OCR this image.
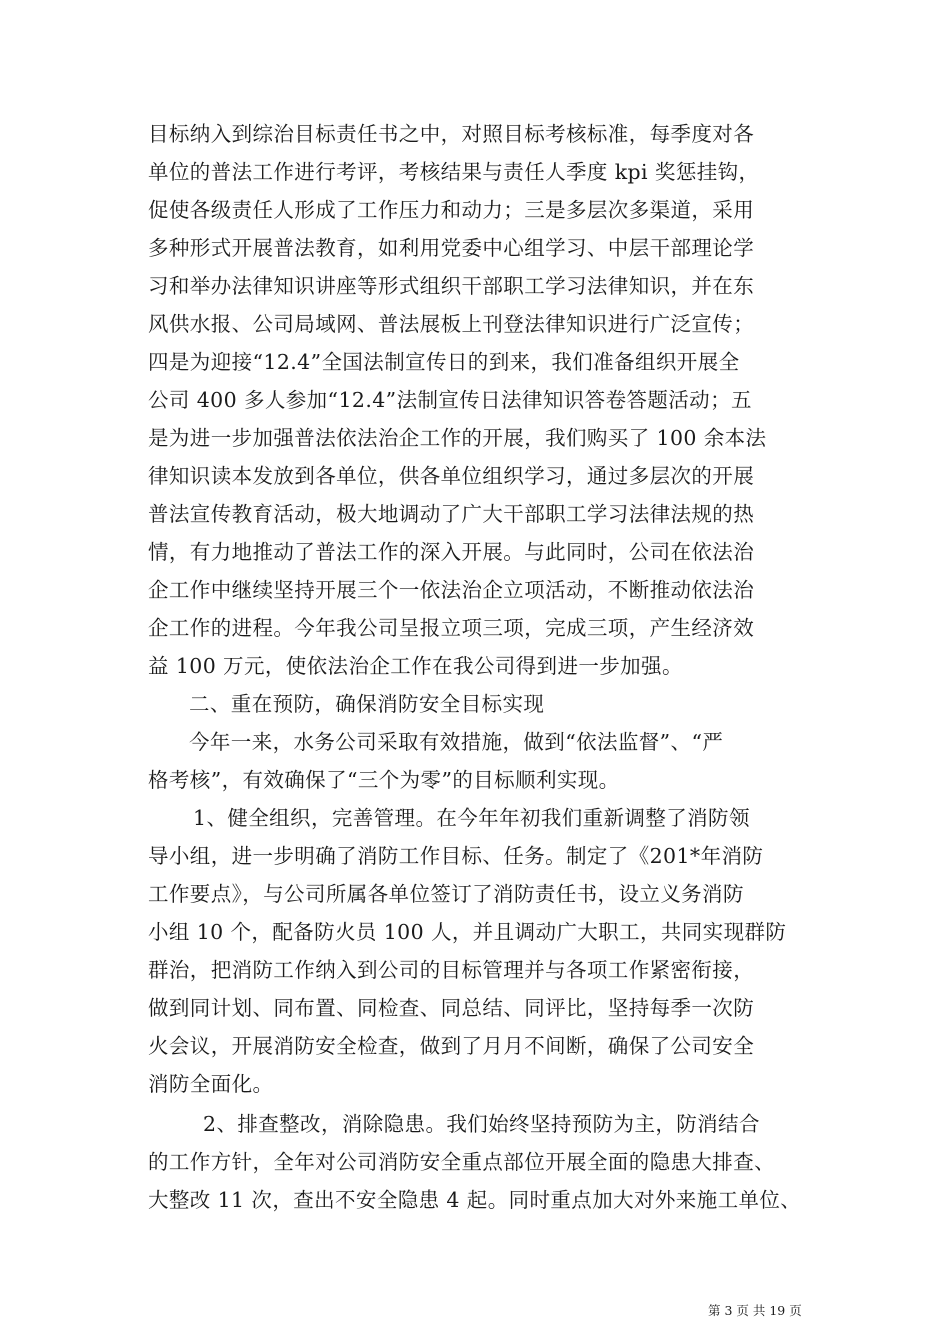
目标纳入到综治目标责任书之中，对照目标考核标准，每季度对各
单位的普法工作进行考评，考核结果与责任人季度 kpi 奖惩挂钩，
促使各级责任人形成了工作压力和动力；三是多层次多渠道，采用
多种形式开展普法教育，如利用党委中心组学习、中层干部理论学
习和举办法律知识讲座等形式组织干部职工学习法律知识，并在东
风供水报、公司局域网、普法展板上刊登法律知识进行广泛宣传；
四是为迎接“12.4”全国法制宣传日的到来，我们准备组织开展全
公司 400 多人参加“12.4”法制宣传日法律知识答卷答题活动；五
是为进一步加强普法依法治企工作的开展，我们购买了 100 余本法
律知识读本发放到各单位，供各单位组织学习，通过多层次的开展
普法宣传教育活动，极大地调动了广大干部职工学习法律法规的热
情，有力地推动了普法工作的深入开展。与此同时，公司在依法治
企工作中继续坚持开展三个一依法治企立项活动，不断推动依法治
企工作的进程。今年我公司呈报立项三项，完成三项，产生经济效
益 100 万元，使依法治企工作在我公司得到进一步加强。
二、重在预防，确保消防安全目标实现
今年一来，水务公司采取有效措施，做到“依法监督”、“严
格考核”，有效确保了“三个为零”的目标顺利实现。
1、健全组织，完善管理。在今年年初我们重新调整了消防领
导小组，进一步明确了消防工作目标、任务。制定了《201*年消防
工作要点》，与公司所属各单位签订了消防责任书，设立义务消防
小组 10 个，配备防火员 100 人，并且调动广大职工，共同实现群防
群治，把消防工作纳入到公司的目标管理并与各项工作紧密衔接，
做到同计划、同布置、同检查、同总结、同评比，坚持每季一次防
火会议，开展消防安全检查，做到了月月不间断，确保了公司安全
消防全面化。
2、排查整改，消除隐患。我们始终坚持预防为主，防消结合
的工作方针，全年对公司消防安全重点部位开展全面的隐患大排查、
大整改 11 次，查出不安全隐患 4 起。同时重点加大对外来施工单位、
第 3 页 共 19 页
